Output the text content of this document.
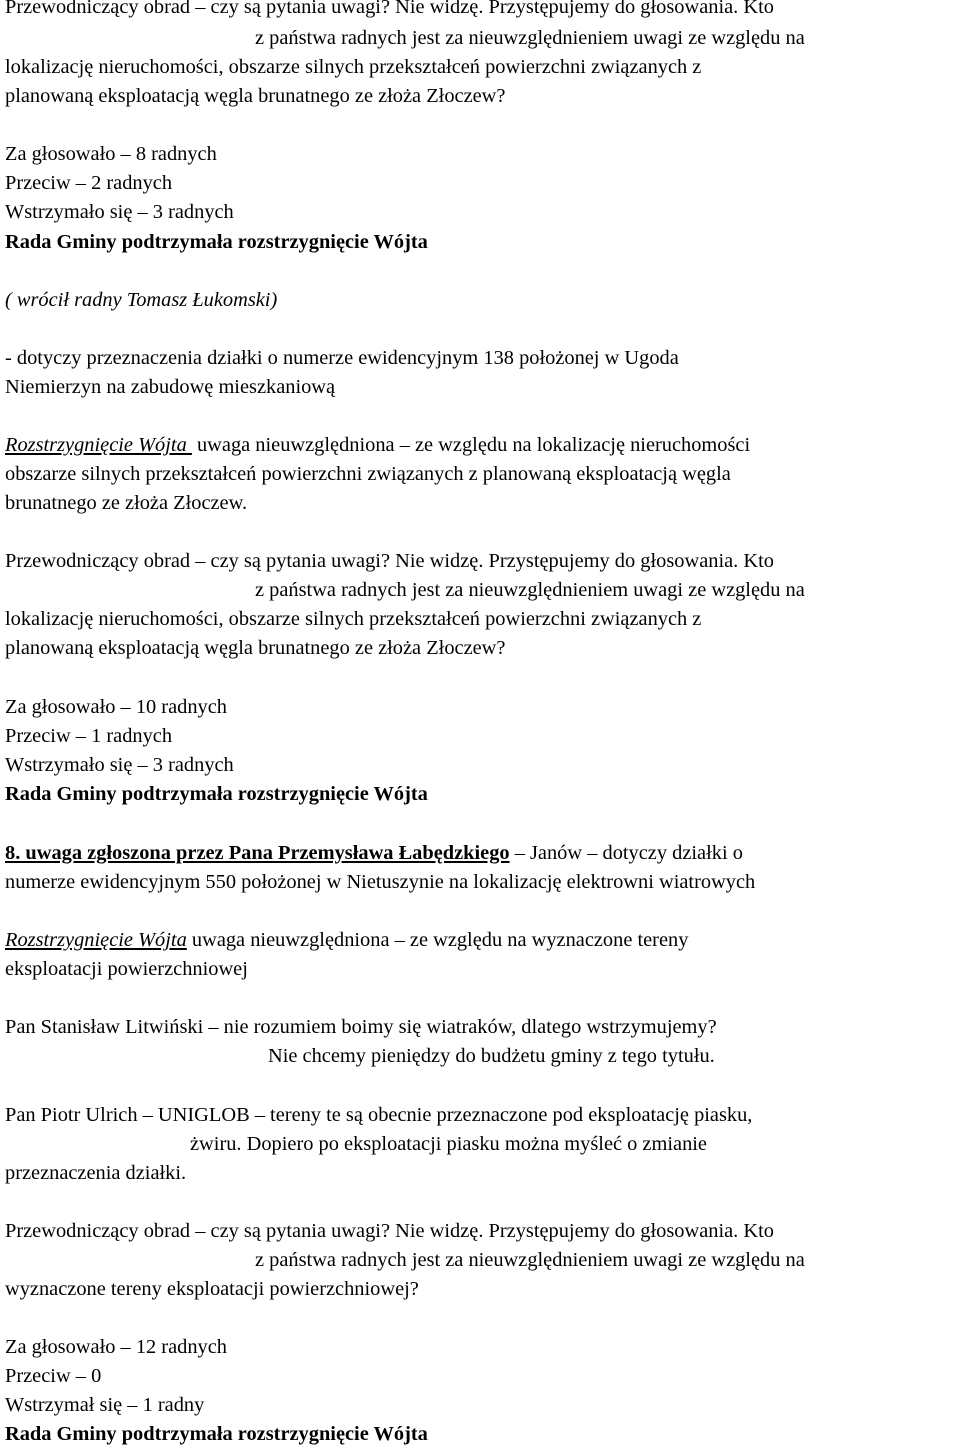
Przewodniczący obrad – czy są pytania uwagi? Nie widzę. Przystępujemy do głosowania. Kto
z państwa radnych jest za nieuwzględnieniem uwagi ze względu na
lokalizację nieruchomości, obszarze silnych przekształceń powierzchni związanych z
planowaną eksploatacją węgla brunatnego ze złoża Złoczew?
Za głosowało – 8 radnych
Przeciw – 2 radnych
Wstrzymało się – 3 radnych
Rada Gminy podtrzymała rozstrzygnięcie Wójta
( wrócił radny Tomasz Łukomski)
- dotyczy przeznaczenia działki o numerze ewidencyjnym 138 położonej w Ugoda
Niemierzyn na zabudowę mieszkaniową
Rozstrzygnięcie Wójta  uwaga nieuwzględniona – ze względu na lokalizację nieruchomości
obszarze silnych przekształceń powierzchni związanych z planowaną eksploatacją węgla
brunatnego ze złoża Złoczew.
Przewodniczący obrad – czy są pytania uwagi? Nie widzę. Przystępujemy do głosowania. Kto
z państwa radnych jest za nieuwzględnieniem uwagi ze względu na
lokalizację nieruchomości, obszarze silnych przekształceń powierzchni związanych z
planowaną eksploatacją węgla brunatnego ze złoża Złoczew?
Za głosowało – 10 radnych
Przeciw – 1 radnych
Wstrzymało się – 3 radnych
Rada Gminy podtrzymała rozstrzygnięcie Wójta
8. uwaga zgłoszona przez Pana Przemysława Łabędzkiego – Janów – dotyczy działki o
numerze ewidencyjnym 550 położonej w Nietuszynie na lokalizację elektrowni wiatrowych
Rozstrzygnięcie Wójta uwaga nieuwzględniona – ze względu na wyznaczone tereny
eksploatacji powierzchniowej
Pan Stanisław Litwiński – nie rozumiem boimy się wiatraków, dlatego wstrzymujemy?
Nie chcemy pieniędzy do budżetu gminy z tego tytułu.
Pan Piotr Ulrich – UNIGLOB – tereny te są obecnie przeznaczone pod eksploatację piasku,
żwiru. Dopiero po eksploatacji piasku można myśleć o zmianie
przeznaczenia działki.
Przewodniczący obrad – czy są pytania uwagi? Nie widzę. Przystępujemy do głosowania. Kto
z państwa radnych jest za nieuwzględnieniem uwagi ze względu na
wyznaczone tereny eksploatacji powierzchniowej?
Za głosowało – 12 radnych
Przeciw – 0
Wstrzymał się – 1 radny
Rada Gminy podtrzymała rozstrzygnięcie Wójta
